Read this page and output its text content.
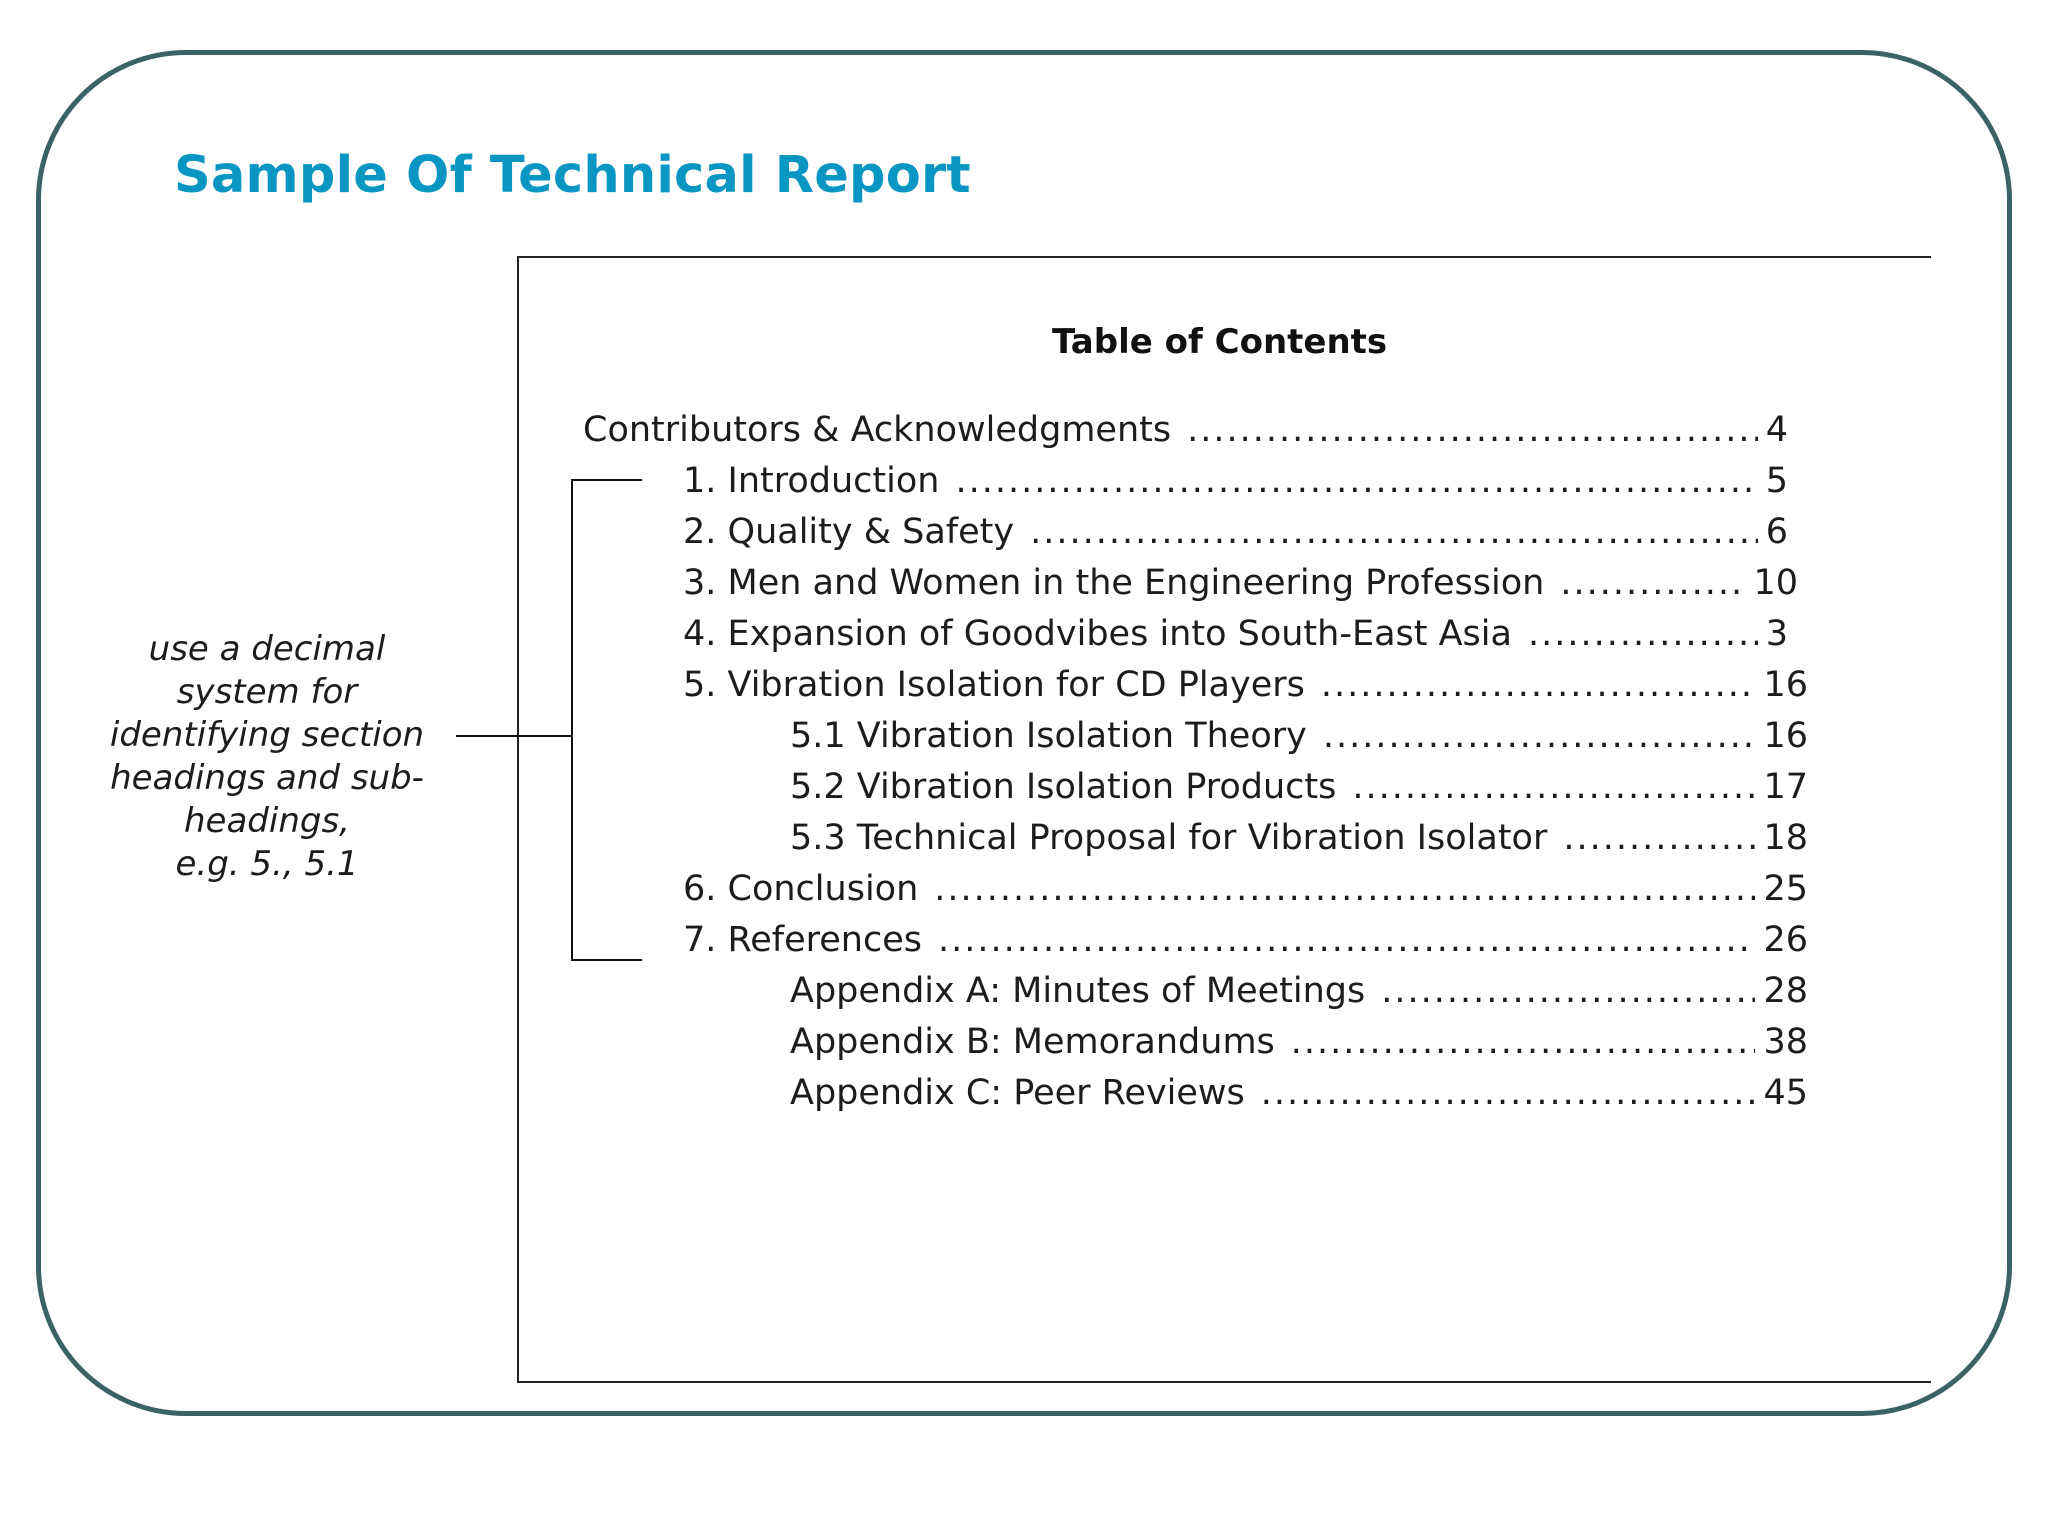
Sample Of Technical Report
Table of Contents
Contributors & Acknowledgments .....	4
1. Introduction .....	5
2. Quality & Safety .....	6
3. Men and Women in the Engineering Profession .....	10
4. Expansion of Goodvibes into South-East Asia .....	3
5. Vibration Isolation for CD Players .....	16
5.1 Vibration Isolation Theory .....	16
5.2 Vibration Isolation Products .....	17
5.3 Technical Proposal for Vibration Isolator .....	18
6. Conclusion .....	25
7. References .....	26
Appendix A: Minutes of Meetings .....	28
Appendix B: Memorandums .....	38
Appendix C: Peer Reviews .....	45
use a decimal
system for
identifying section
headings and sub-
headings,
e.g. 5., 5.1
